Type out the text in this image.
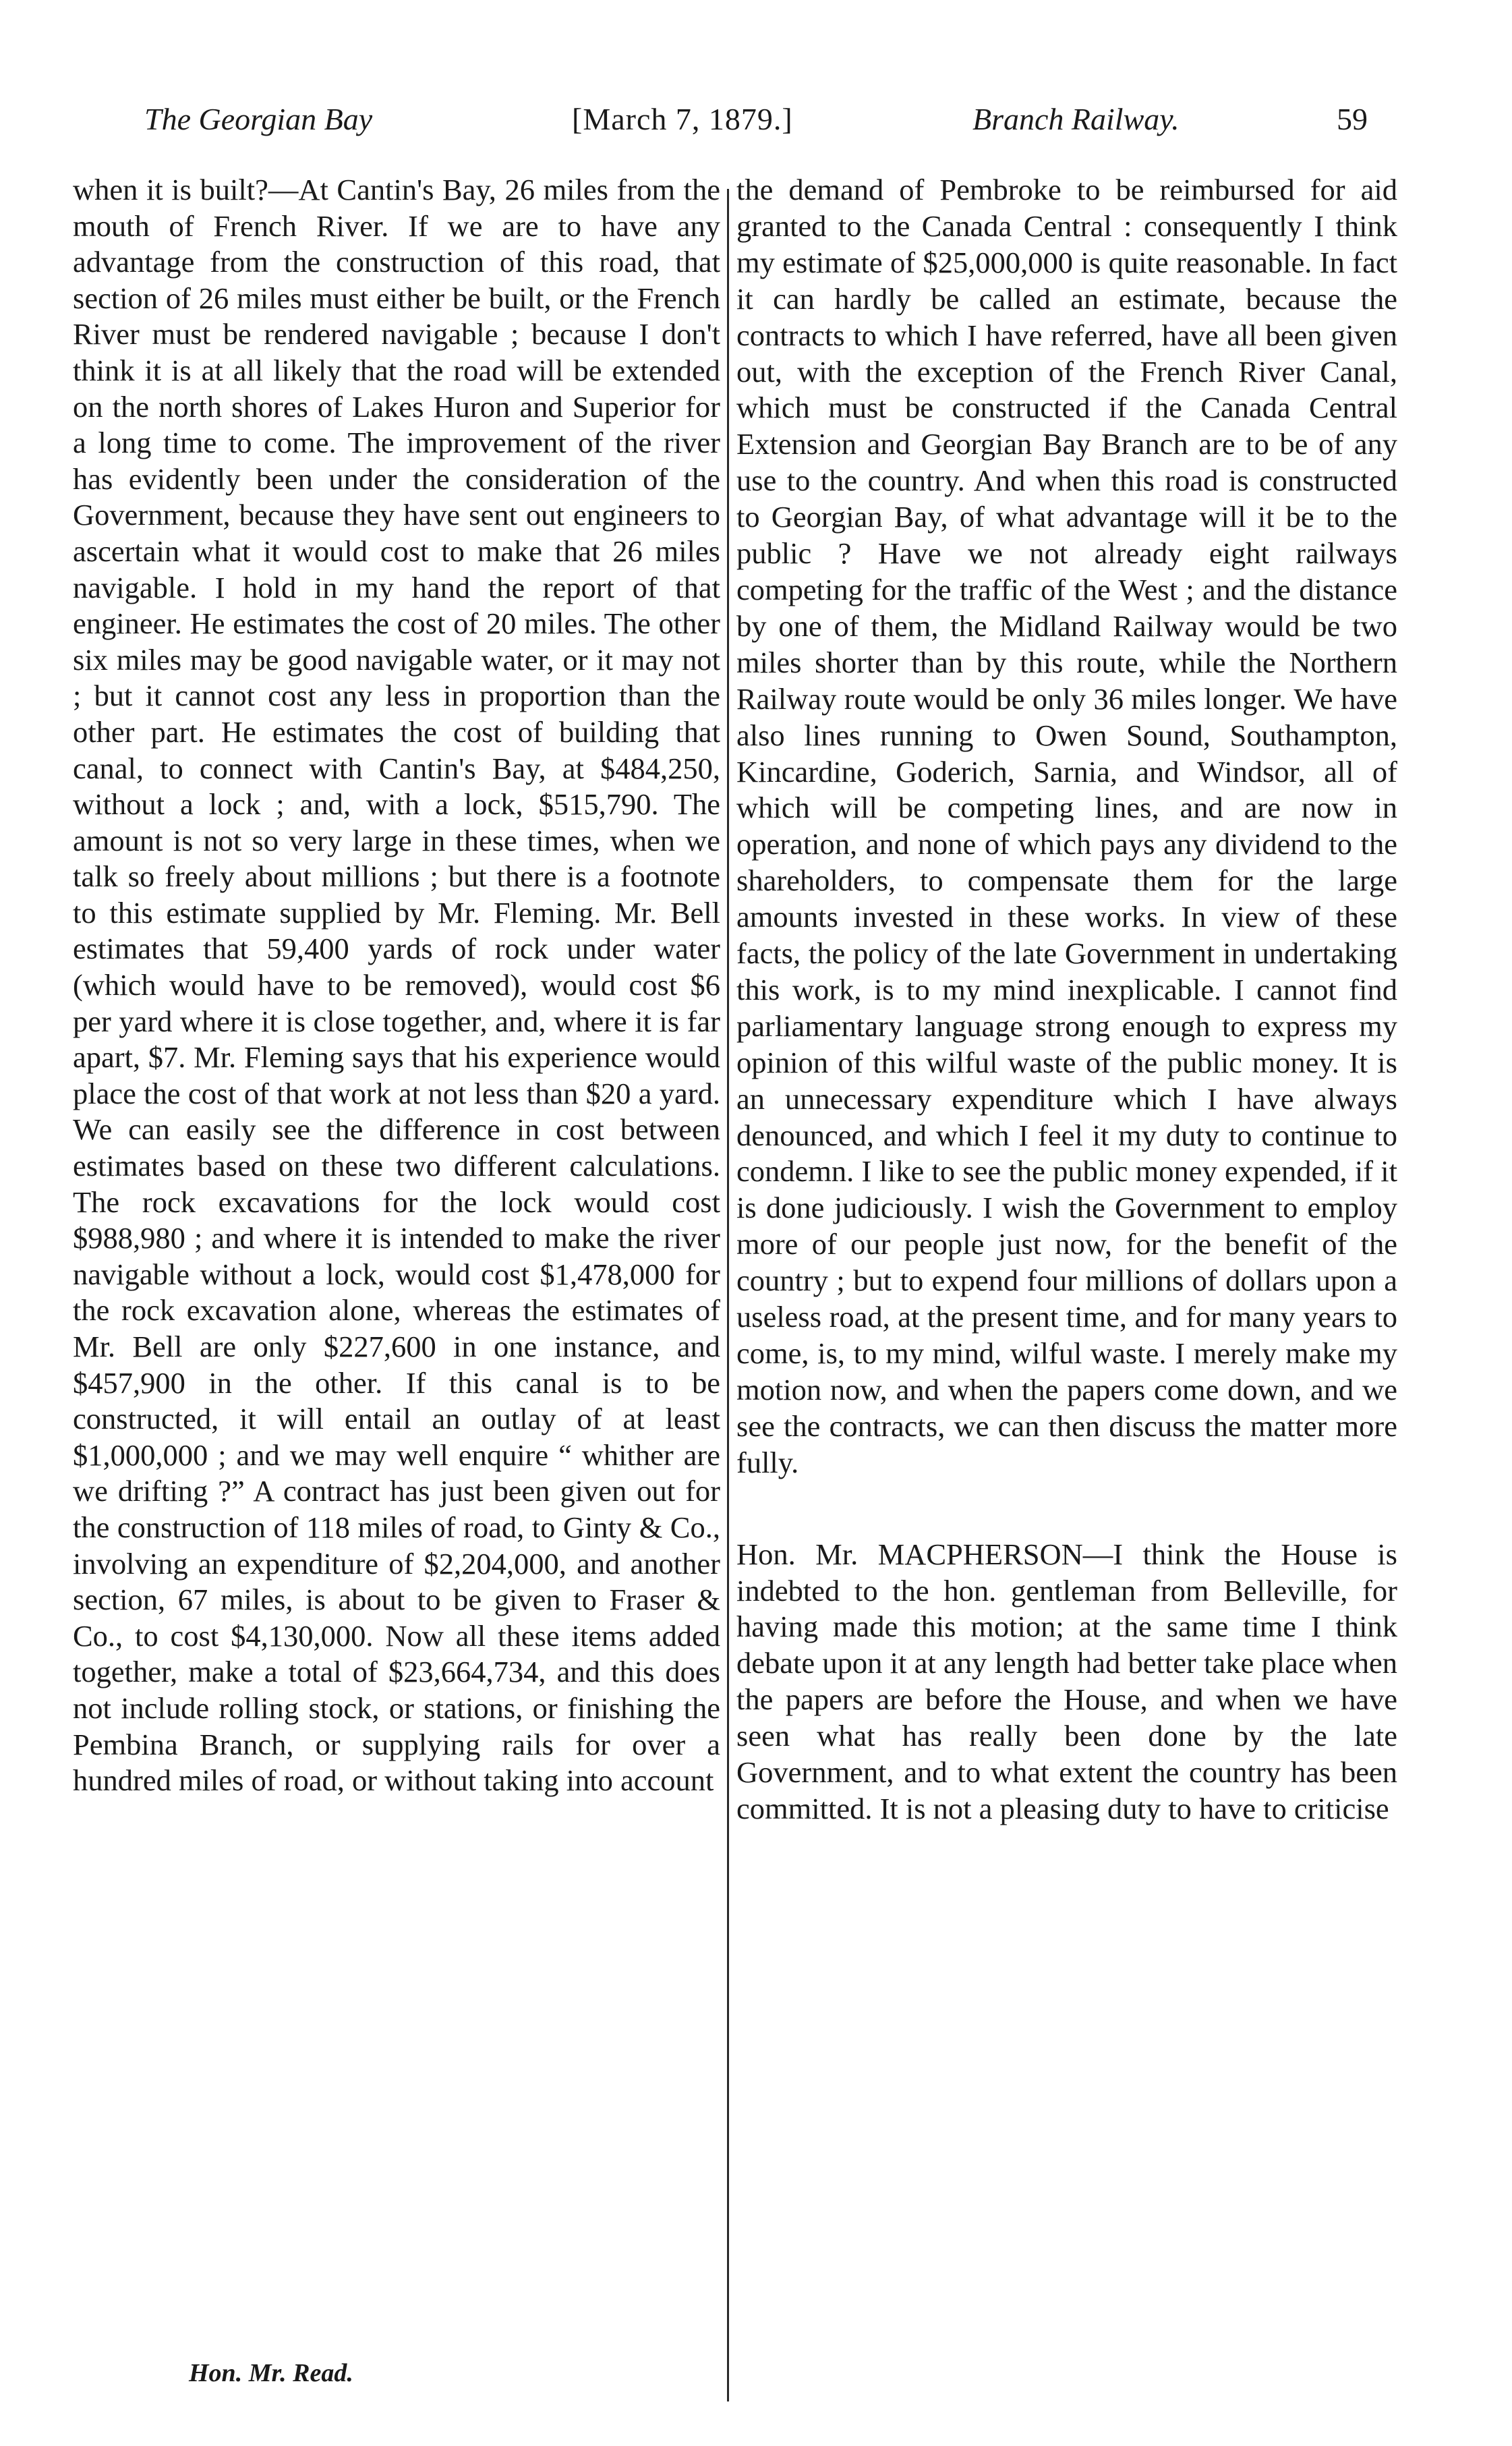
The Georgian Bay	[March 7, 1879.]	Branch Railway.	59

when it is built?—At Cantin's Bay, 26 miles from the mouth of French River. If we are to have any advantage from the construction of this road, that section of 26 miles must either be built, or the French River must be rendered navigable ; because I don't think it is at all likely that the road will be extended on the north shores of Lakes Huron and Superior for a long time to come. The improvement of the river has evidently been under the consideration of the Government, because they have sent out engineers to ascertain what it would cost to make that 26 miles navigable. I hold in my hand the report of that engineer. He estimates the cost of 20 miles. The other six miles may be good navigable water, or it may not ; but it cannot cost any less in proportion than the other part. He estimates the cost of building that canal, to connect with Cantin's Bay, at $484,250, without a lock ; and, with a lock, $515,790. The amount is not so very large in these times, when we talk so freely about millions ; but there is a footnote to this estimate supplied by Mr. Fleming. Mr. Bell estimates that 59,400 yards of rock under water (which would have to be removed), would cost $6 per yard where it is close together, and, where it is far apart, $7. Mr. Fleming says that his experience would place the cost of that work at not less than $20 a yard. We can easily see the difference in cost between estimates based on these two different calculations. The rock excavations for the lock would cost $988,980 ; and where it is intended to make the river navigable without a lock, would cost $1,478,000 for the rock excavation alone, whereas the estimates of Mr. Bell are only $227,600 in one instance, and $457,900 in the other. If this canal is to be constructed, it will entail an outlay of at least $1,000,000 ; and we may well enquire “ whither are we drifting ?” A contract has just been given out for the construction of 118 miles of road, to Ginty & Co., involving an expenditure of $2,204,000, and another section, 67 miles, is about to be given to Fraser & Co., to cost $4,130,000. Now all these items added together, make a total of $23,664,734, and this does not include rolling stock, or stations, or finishing the Pembina Branch, or supplying rails for over a hundred miles of road, or without taking into account

the demand of Pembroke to be reimbursed for aid granted to the Canada Central : consequently I think my estimate of $25,000,000 is quite reasonable. In fact it can hardly be called an estimate, because the contracts to which I have referred, have all been given out, with the exception of the French River Canal, which must be constructed if the Canada Central Extension and Georgian Bay Branch are to be of any use to the country. And when this road is constructed to Georgian Bay, of what advantage will it be to the public ? Have we not already eight railways competing for the traffic of the West ; and the distance by one of them, the Midland Railway would be two miles shorter than by this route, while the Northern Railway route would be only 36 miles longer. We have also lines running to Owen Sound, Southampton, Kincardine, Goderich, Sarnia, and Windsor, all of which will be competing lines, and are now in operation, and none of which pays any dividend to the shareholders, to compensate them for the large amounts invested in these works. In view of these facts, the policy of the late Government in undertaking this work, is to my mind inexplicable. I cannot find parliamentary language strong enough to express my opinion of this wilful waste of the public money. It is an unnecessary expenditure which I have always denounced, and which I feel it my duty to continue to condemn. I like to see the public money expended, if it is done judiciously. I wish the Government to employ more of our people just now, for the benefit of the country ; but to expend four millions of dollars upon a useless road, at the present time, and for many years to come, is, to my mind, wilful waste. I merely make my motion now, and when the papers come down, and we see the contracts, we can then discuss the matter more fully.

Hon. Mr. MACPHERSON—I think the House is indebted to the hon. gentleman from Belleville, for having made this motion; at the same time I think debate upon it at any length had better take place when the papers are before the House, and when we have seen what has really been done by the late Government, and to what extent the country has been committed. It is not a pleasing duty to have to criticise

Hon. Mr. Read.
